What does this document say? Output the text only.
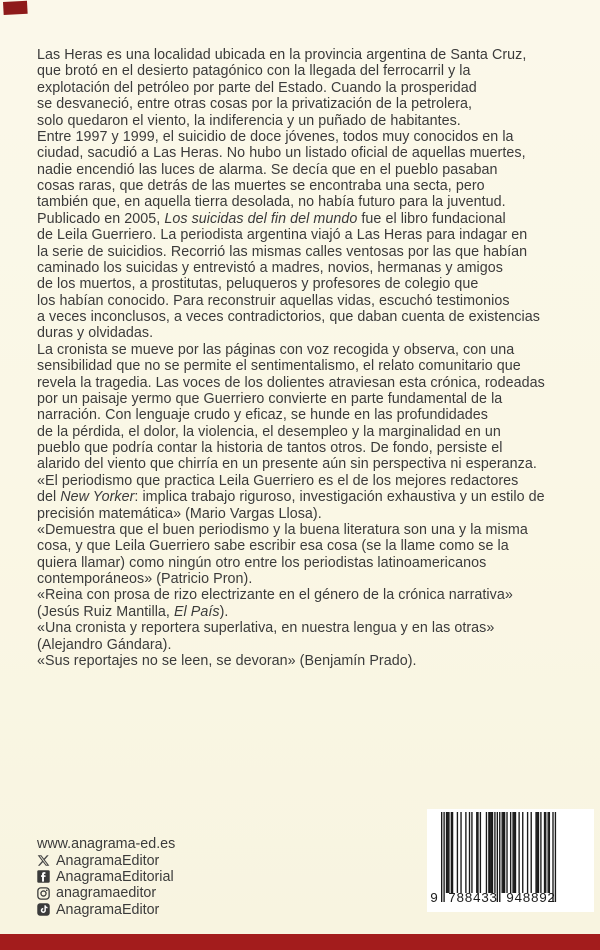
Las Heras es una localidad ubicada en la provincia argentina de Santa Cruz,
que brotó en el desierto patagónico con la llegada del ferrocarril y la
explotación del petróleo por parte del Estado. Cuando la prosperidad
se desvaneció, entre otras cosas por la privatización de la petrolera,
solo quedaron el viento, la indiferencia y un puñado de habitantes.
Entre 1997 y 1999, el suicidio de doce jóvenes, todos muy conocidos en la
ciudad, sacudió a Las Heras. No hubo un listado oficial de aquellas muertes,
nadie encendió las luces de alarma. Se decía que en el pueblo pasaban
cosas raras, que detrás de las muertes se encontraba una secta, pero
también que, en aquella tierra desolada, no había futuro para la juventud.
Publicado en 2005, Los suicidas del fin del mundo fue el libro fundacional
de Leila Guerriero. La periodista argentina viajó a Las Heras para indagar en
la serie de suicidios. Recorrió las mismas calles ventosas por las que habían
caminado los suicidas y entrevistó a madres, novios, hermanas y amigos
de los muertos, a prostitutas, peluqueros y profesores de colegio que
los habían conocido. Para reconstruir aquellas vidas, escuchó testimonios
a veces inconclusos, a veces contradictorios, que daban cuenta de existencias
duras y olvidadas.
La cronista se mueve por las páginas con voz recogida y observa, con una
sensibilidad que no se permite el sentimentalismo, el relato comunitario que
revela la tragedia. Las voces de los dolientes atraviesan esta crónica, rodeadas
por un paisaje yermo que Guerriero convierte en parte fundamental de la
narración. Con lenguaje crudo y eficaz, se hunde en las profundidades
de la pérdida, el dolor, la violencia, el desempleo y la marginalidad en un
pueblo que podría contar la historia de tantos otros. De fondo, persiste el
alarido del viento que chirría en un presente aún sin perspectiva ni esperanza.
«El periodismo que practica Leila Guerriero es el de los mejores redactores
del New Yorker: implica trabajo riguroso, investigación exhaustiva y un estilo de
precisión matemática» (Mario Vargas Llosa).
«Demuestra que el buen periodismo y la buena literatura son una y la misma
cosa, y que Leila Guerriero sabe escribir esa cosa (se la llame como se la
quiera llamar) como ningún otro entre los periodistas latinoamericanos
contemporáneos» (Patricio Pron).
«Reina con prosa de rizo electrizante en el género de la crónica narrativa»
(Jesús Ruiz Mantilla, El País).
«Una cronista y reportera superlativa, en nuestra lengua y en las otras»
(Alejandro Gándara).
«Sus reportajes no se leen, se devoran» (Benjamín Prado).
www.anagrama-ed.es
AnagramaEditor
AnagramaEditorial
anagramaeditor
AnagramaEditor
9 788433 948892
